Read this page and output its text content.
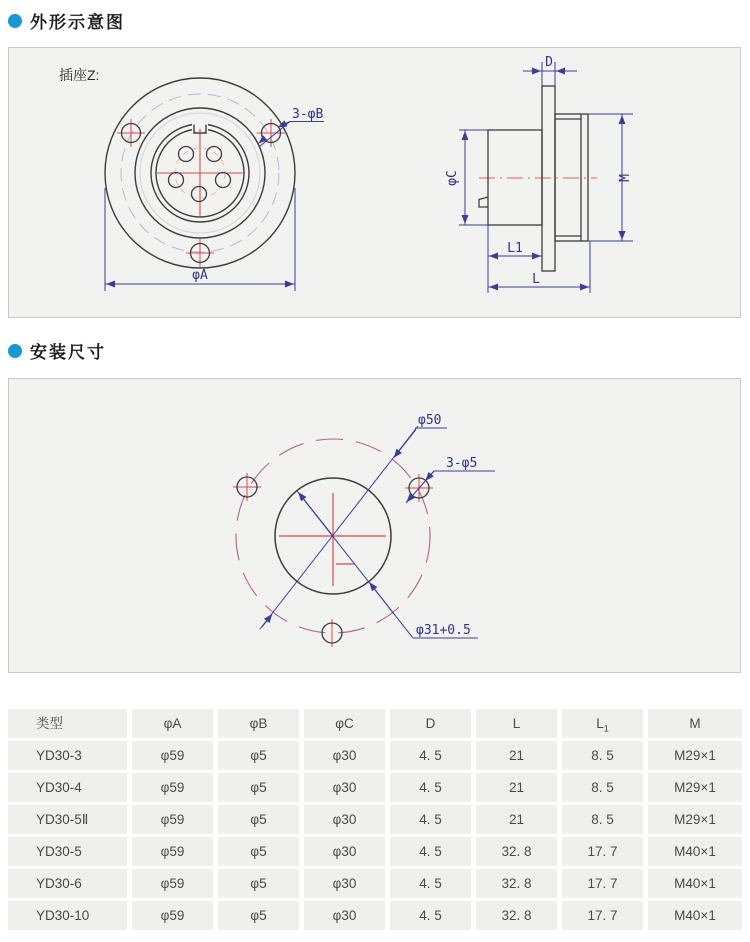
外形示意图
插座Z:
3-φB
φA
D
φC	M
L1
L
安装尺寸
φ50
φ31+0.5
3-φ5
类型	φA	φB	φC	D	L	$L_1$	M
YD30-3	φ59	φ5	φ30	4. 5	21	8. 5	M29×1
YD30-4	φ59	φ5	φ30	4. 5	21	8. 5	M29×1
YD30-5Ⅱ	φ59	φ5	φ30	4. 5	21	8. 5	M29×1
YD30-5	φ59	φ5	φ30	4. 5	32. 8	17. 7	M40×1
YD30-6	φ59	φ5	φ30	4. 5	32. 8	17. 7	M40×1
YD30-10	φ59	φ5	φ30	4. 5	32. 8	17. 7	M40×1
